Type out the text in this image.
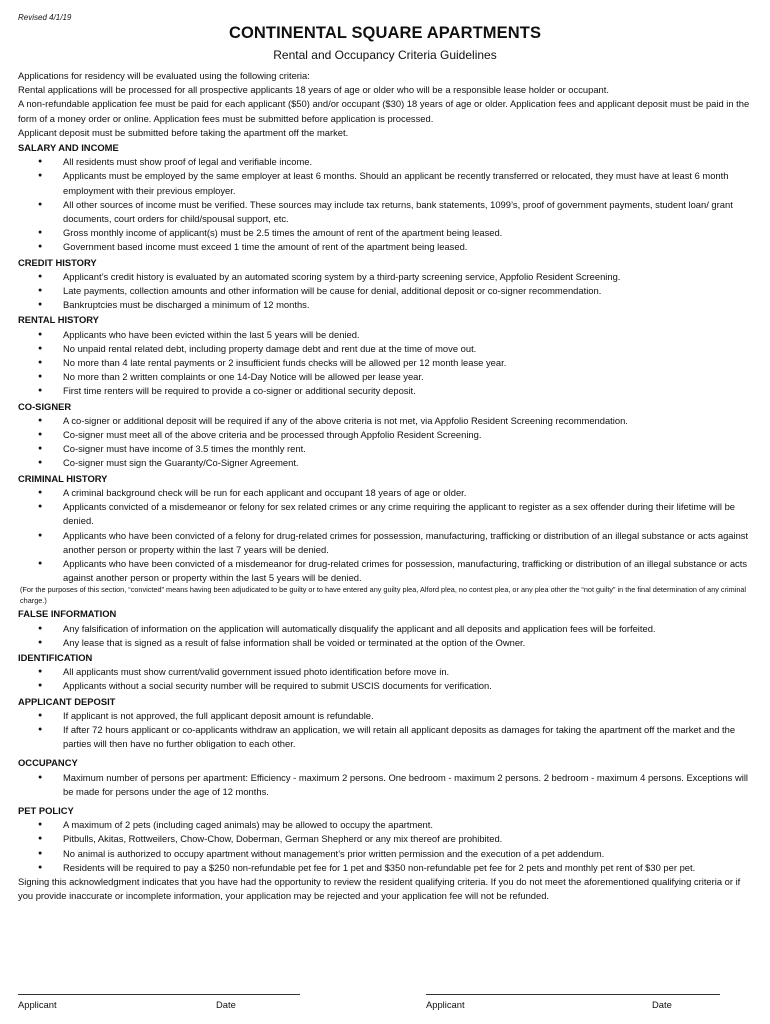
Revised 4/1/19
CONTINENTAL SQUARE APARTMENTS
Rental and Occupancy Criteria Guidelines

Applications for residency will be evaluated using the following criteria:

Rental applications will be processed for all prospective applicants 18 years of age or older who will be a responsible lease holder or occupant.

A non-refundable application fee must be paid for each applicant ($50) and/or occupant ($30) 18 years of age or older. Application fees and applicant deposit must be paid in the form of a money order or online. Application fees must be submitted before application is processed.

Applicant deposit must be submitted before taking the apartment off the market.

SALARY AND INCOME

● All residents must show proof of legal and verifiable income.
● Applicants must be employed by the same employer at least 6 months. Should an applicant be recently transferred or relocated, they must have at least 6 month employment with their previous employer.
● All other sources of income must be verified. These sources may include tax returns, bank statements, 1099’s, proof of government payments, student loan/ grant documents, court orders for child/spousal support, etc.
● Gross monthly income of applicant(s) must be 2.5 times the amount of rent of the apartment being leased.
● Government based income must exceed 1 time the amount of rent of the apartment being leased.

CREDIT HISTORY

● Applicant’s credit history is evaluated by an automated scoring system by a third-party screening service, Appfolio Resident Screening.
● Late payments, collection amounts and other information will be cause for denial, additional deposit or co-signer recommendation.
● Bankruptcies must be discharged a minimum of 12 months.

RENTAL HISTORY

● Applicants who have been evicted within the last 5 years will be denied.
● No unpaid rental related debt, including property damage debt and rent due at the time of move out.
● No more than 4 late rental payments or 2 insufficient funds checks will be allowed per 12 month lease year.
● No more than 2 written complaints or one 14-Day Notice will be allowed per lease year.
● First time renters will be required to provide a co-signer or additional security deposit.

CO-SIGNER

● A co-signer or additional deposit will be required if any of the above criteria is not met, via Appfolio Resident Screening recommendation.
● Co-signer must meet all of the above criteria and be processed through Appfolio Resident Screening.
● Co-signer must have income of 3.5 times the monthly rent.
● Co-signer must sign the Guaranty/Co-Signer Agreement.

CRIMINAL HISTORY

● A criminal background check will be run for each applicant and occupant 18 years of age or older.
● Applicants convicted of a misdemeanor or felony for sex related crimes or any crime requiring the applicant to register as a sex offender during their lifetime will be denied.
● Applicants who have been convicted of a felony for drug-related crimes for possession, manufacturing, trafficking or distribution of an illegal substance or acts against another person or property within the last 7 years will be denied.
● Applicants who have been convicted of a misdemeanor for drug-related crimes for possession, manufacturing, trafficking or distribution of an illegal substance or acts against another person or property within the last 5 years will be denied.

(For the purposes of this section, “convicted” means having been adjudicated to be guilty or to have entered any guilty plea, Alford plea, no contest plea, or any plea other the “not guilty” in the final determination of any criminal charge.)

FALSE INFORMATION

● Any falsification of information on the application will automatically disqualify the applicant and all deposits and application fees will be forfeited.
● Any lease that is signed as a result of false information shall be voided or terminated at the option of the Owner.

IDENTIFICATION

● All applicants must show current/valid government issued photo identification before move in.
● Applicants without a social security number will be required to submit USCIS documents for verification.

APPLICANT DEPOSIT

● If applicant is not approved, the full applicant deposit amount is refundable.
● If after 72 hours applicant or co-applicants withdraw an application, we will retain all applicant deposits as damages for taking the apartment off the market and the parties will then have no further obligation to each other.

OCCUPANCY

● Maximum number of persons per apartment: Efficiency - maximum 2 persons. One bedroom - maximum 2 persons. 2 bedroom - maximum 4 persons. Exceptions will be made for persons under the age of 12 months.

PET POLICY

● A maximum of 2 pets (including caged animals) may be allowed to occupy the apartment.
● Pitbulls, Akitas, Rottweilers, Chow-Chow, Doberman, German Shepherd or any mix thereof are prohibited.
● No animal is authorized to occupy apartment without management’s prior written permission and the execution of a pet addendum.
● Residents will be required to pay a $250 non-refundable pet fee for 1 pet and $350 non-refundable pet fee for 2 pets and monthly pet rent of $30 per pet.

Signing this acknowledgment indicates that you have had the opportunity to review the resident qualifying criteria. If you do not meet the aforementioned qualifying criteria or if you provide inaccurate or incomplete information, your application may be rejected and your application fee will not be refunded.

Applicant	Date	Applicant	Date
